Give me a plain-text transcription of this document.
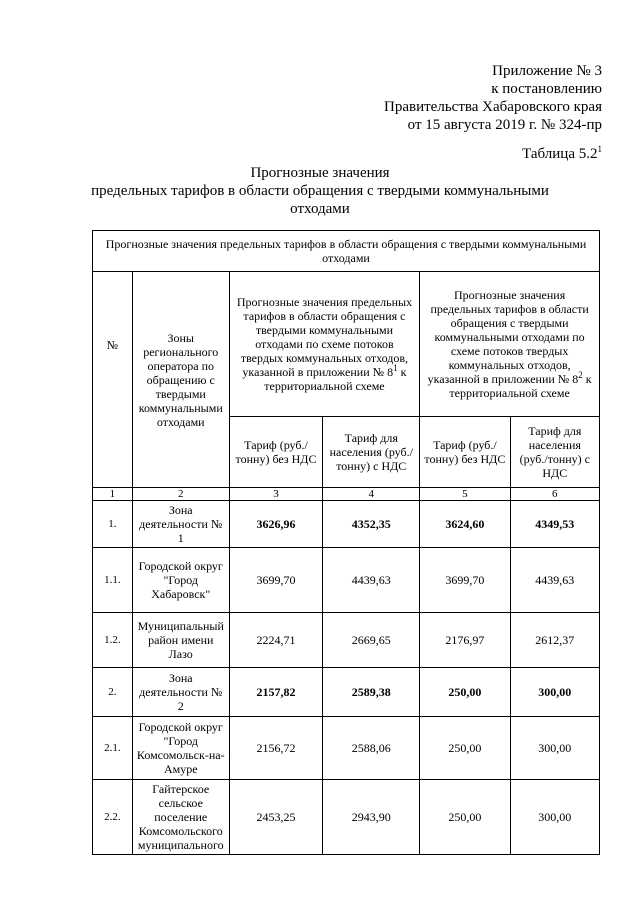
Приложение № 3
к постановлению
Правительства Хабаровского края
от 15 августа 2019 г. № 324-пр
Таблица $5.2^1$
Прогнозные значения
предельных тарифов в области обращения с твердыми коммунальными
отходами
Прогнозные значения предельных тарифов в области обращения с твердыми коммунальными отходами					
№	Зоны регионального оператора по обращению с твердыми коммунальными отходами	Прогнозные значения предельных тарифов в области обращения с твердыми коммунальными отходами по схеме потоков твердых коммунальных отходов, указанной в приложении № $8^1$ к территориальной схеме		Прогнозные значения предельных тарифов в области обращения с твердыми коммунальными отходами по схеме потоков твердых коммунальных отходов, указанной в приложении № $8^2$ к территориальной схеме	
		Тариф (руб./тонну) без НДС	Тариф для населения (руб./тонну) с НДС	Тариф (руб./тонну) без НДС	Тариф для населения (руб./тонну) с НДС
1	2	3	4	5	6
1.	Зона деятельности № 1	3626,96	4352,35	3624,60	4349,53
1.1.	Городской округ "Город Хабаровск"	3699,70	4439,63	3699,70	4439,63
1.2.	Муниципальный район имени Лазо	2224,71	2669,65	2176,97	2612,37
2.	Зона деятельности № 2	2157,82	2589,38	250,00	300,00
2.1.	Городской округ "Город Комсомольск-на-Амуре	2156,72	2588,06	250,00	300,00
2.2.	Гайтерское сельское поселение Комсомольского муниципального	2453,25	2943,90	250,00	300,00
